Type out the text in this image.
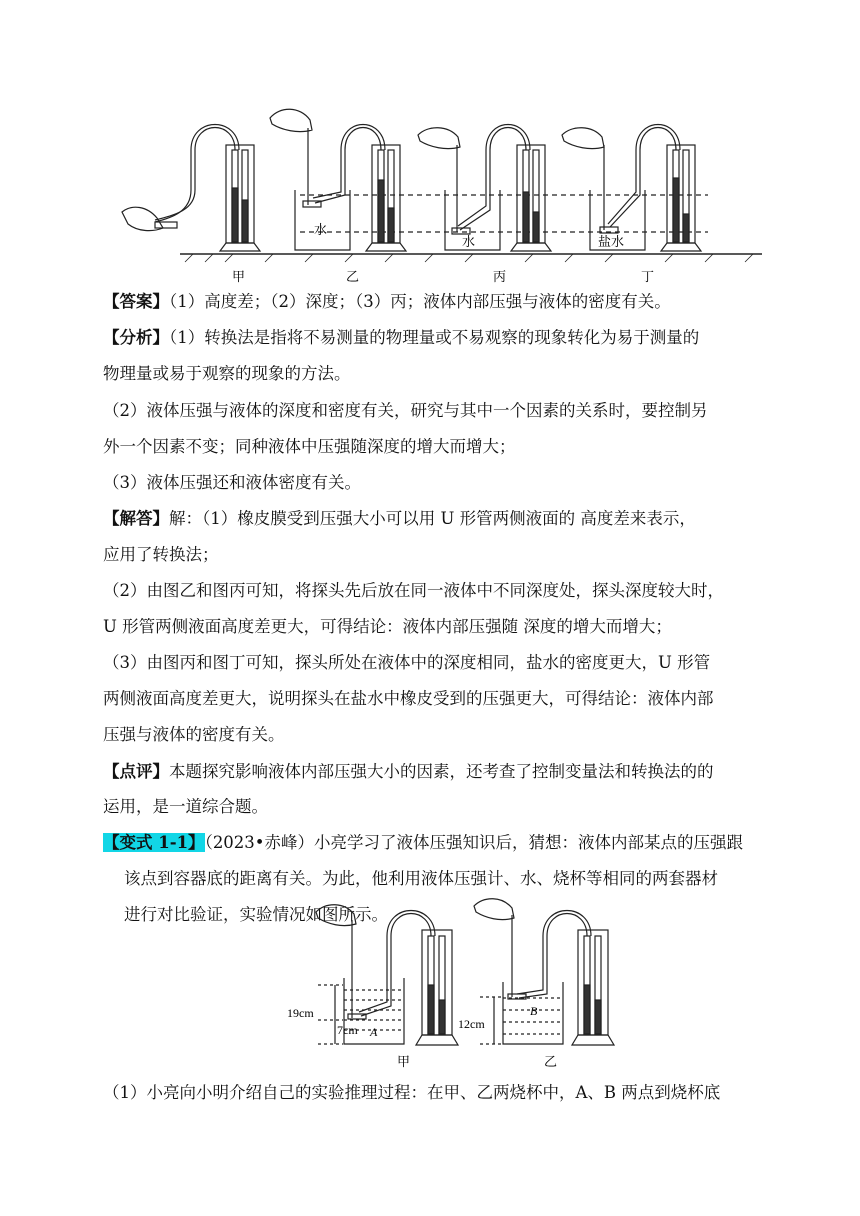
甲	乙	丙	丁
水
水	盐水
【答案】（1）高度差；（2）深度；（3）丙；液体内部压强与液体的密度有关。
【分析】（1）转换法是指将不易测量的物理量或不易观察的现象转化为易于测量的
物理量或易于观察的现象的方法。
（2）液体压强与液体的深度和密度有关，研究与其中一个因素的关系时，要控制另
外一个因素不变；同种液体中压强随深度的增大而增大；
（3）液体压强还和液体密度有关。
【解答】解：（1）橡皮膜受到压强大小可以用 U 形管两侧液面的 高度差来表示，
应用了转换法；
（2）由图乙和图丙可知，将探头先后放在同一液体中不同深度处，探头深度较大时，
U 形管两侧液面高度差更大，可得结论：液体内部压强随 深度的增大而增大；
（3）由图丙和图丁可知，探头所处在液体中的深度相同，盐水的密度更大，U 形管
两侧液面高度差更大，说明探头在盐水中橡皮受到的压强更大，可得结论：液体内部
压强与液体的密度有关。
【点评】本题探究影响液体内部压强大小的因素，还考查了控制变量法和转换法的的
运用，是一道综合题。
【变式 1-1】（2023•赤峰）小亮学习了液体压强知识后，猜想：液体内部某点的压强跟
该点到容器底的距离有关。为此，他利用液体压强计、水、烧杯等相同的两套器材
进行对比验证，实验情况如图所示。
19cm
7cm	12cm
A
B
甲	乙
（1）小亮向小明介绍自己的实验推理过程：在甲、乙两烧杯中，A、B 两点到烧杯底
